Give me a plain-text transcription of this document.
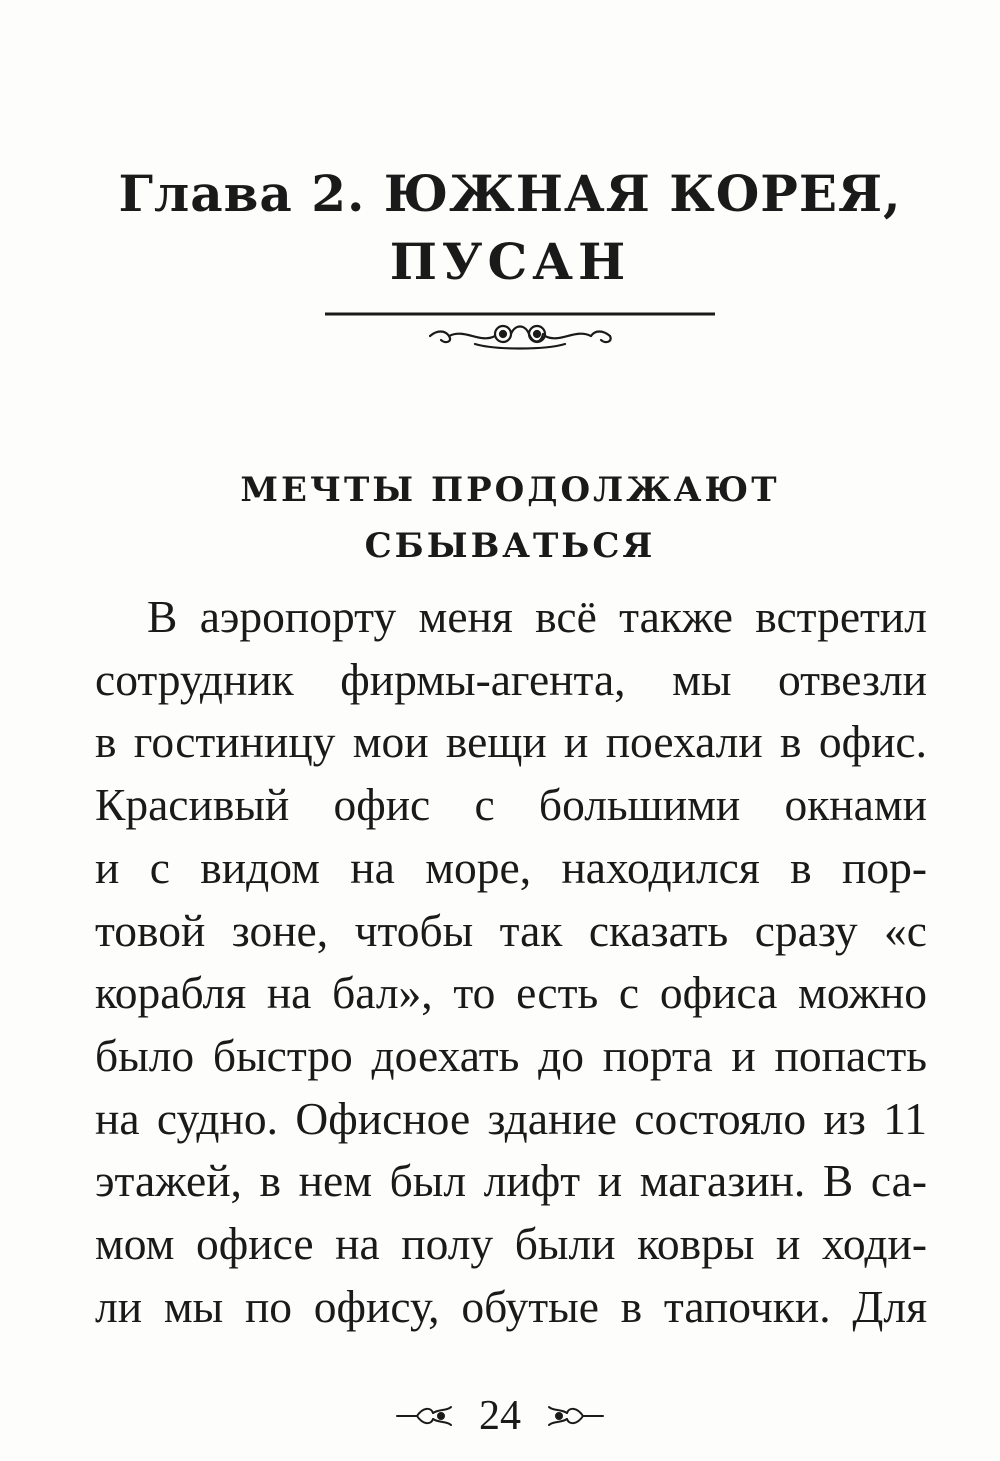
Глава 2. ЮЖНАЯ КОРЕЯ,
ПУСАН
МЕЧТЫ ПРОДОЛЖАЮТ
СБЫВАТЬСЯ

В аэропорту меня всё также встретил
сотрудник фирмы-агента, мы отвезли
в гостиницу мои вещи и поехали в офис.
Красивый офис с большими окнами
и с видом на море, находился в пор-
товой зоне, чтобы так сказать сразу «с
корабля на бал», то есть с офиса можно
было быстро доехать до порта и попасть
на судно. Офисное здание состояло из 11
этажей, в нем был лифт и магазин. В са-
мом офисе на полу были ковры и ходи-
ли мы по офису, обутые в тапочки. Для

24
